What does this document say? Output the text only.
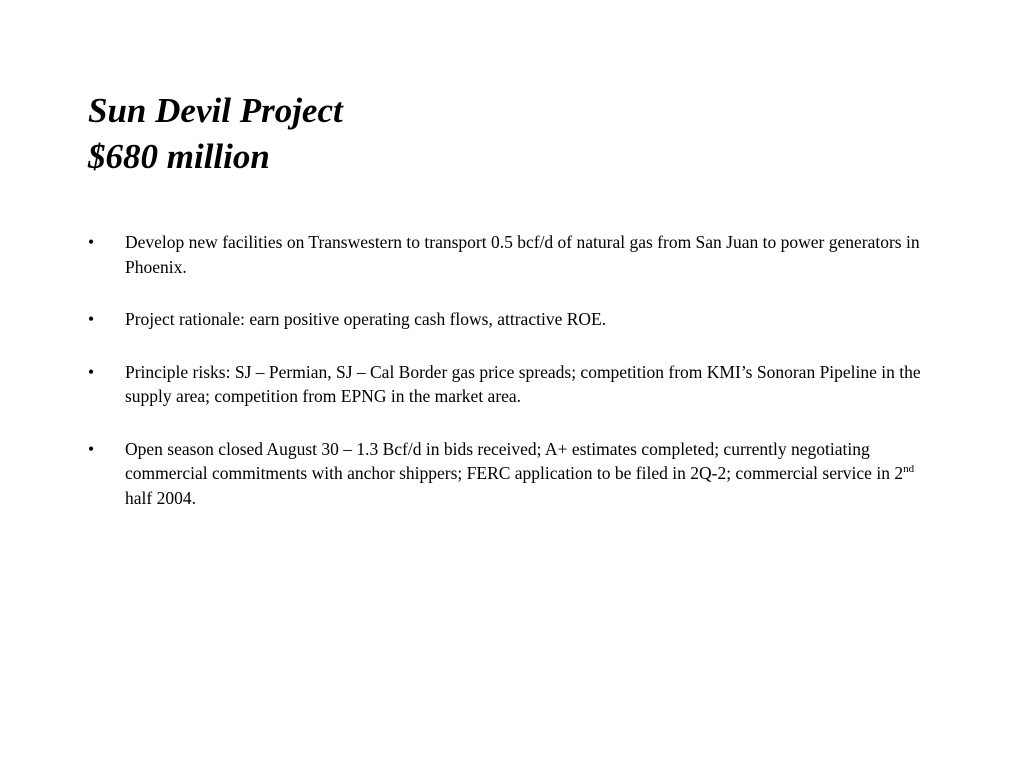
Sun Devil Project
$680 million
• Develop new facilities on Transwestern to transport 0.5 bcf/d of natural gas from San Juan to power generators in Phoenix.
• Project rationale: earn positive operating cash flows, attractive ROE.
• Principle risks: SJ – Permian, SJ – Cal Border gas price spreads; competition from KMI’s Sonoran Pipeline in the supply area; competition from EPNG in the market area.
• Open season closed August 30 – 1.3 Bcf/d in bids received; A+ estimates completed; currently negotiating commercial commitments with anchor shippers; FERC application to be filed in 2Q-2; commercial service in 2nd half 2004.
